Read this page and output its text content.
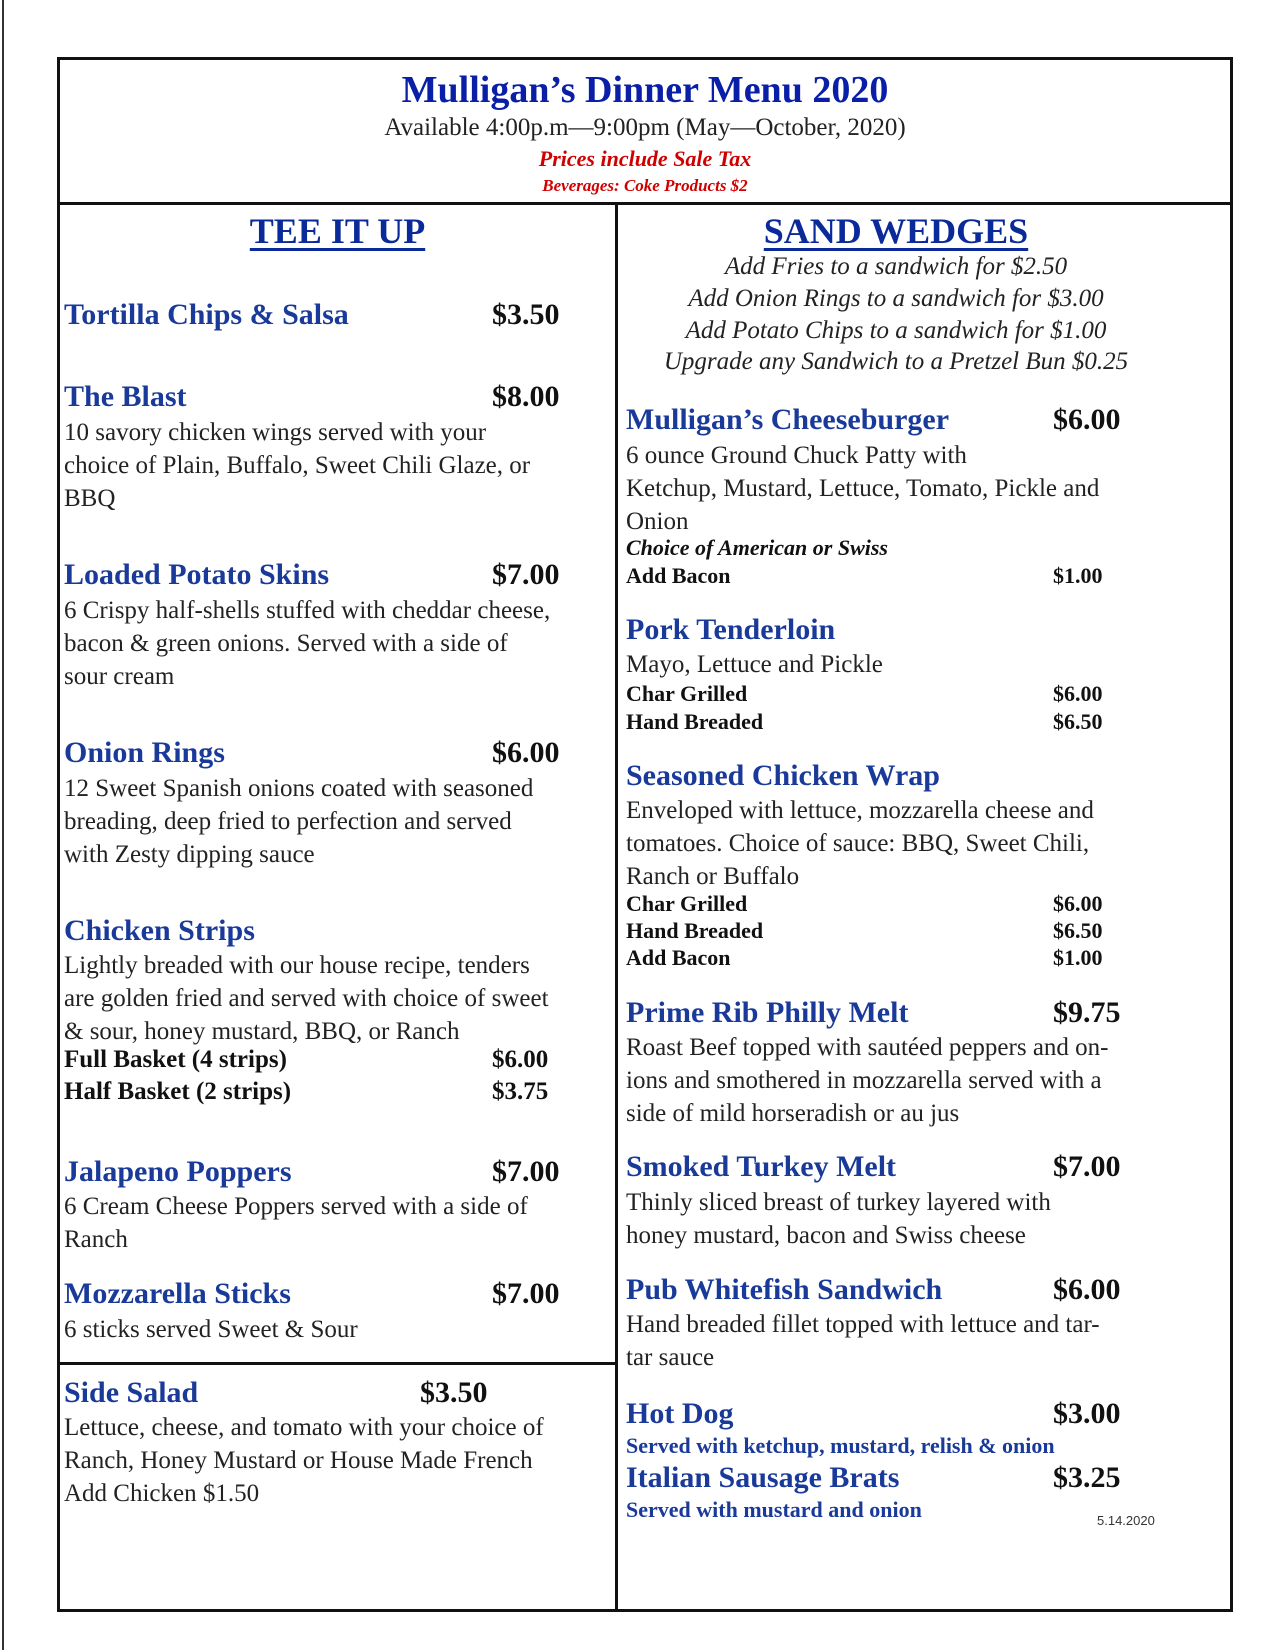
Mulligan’s Dinner Menu 2020
Available 4:00p.m—9:00pm (May—October, 2020)
Prices include Sale Tax
Beverages: Coke Products $2
TEE IT UP
Tortilla Chips & Salsa	$3.50
The Blast	$8.00
10 savory chicken wings served with your
choice of Plain, Buffalo, Sweet Chili Glaze, or
BBQ
Loaded Potato Skins	$7.00
6 Crispy half-shells stuffed with cheddar cheese,
bacon & green onions. Served with a side of
sour cream
Onion Rings	$6.00
12 Sweet Spanish onions coated with seasoned
breading, deep fried to perfection and served
with Zesty dipping sauce
Chicken Strips
Lightly breaded with our house recipe, tenders
are golden fried and served with choice of sweet
& sour, honey mustard, BBQ, or Ranch
Full Basket (4 strips)	$6.00
Half Basket (2 strips)	$3.75
Jalapeno Poppers	$7.00
6 Cream Cheese Poppers served with a side of
Ranch
Mozzarella Sticks	$7.00
6 sticks served Sweet & Sour
Side Salad	$3.50
Lettuce, cheese, and tomato with your choice of
Ranch, Honey Mustard or House Made French
Add Chicken $1.50
SAND WEDGES
Add Fries to a sandwich for $2.50
Add Onion Rings to a sandwich for $3.00
Add Potato Chips to a sandwich for $1.00
Upgrade any Sandwich to a Pretzel Bun $0.25
Mulligan’s Cheeseburger	$6.00
6 ounce Ground Chuck Patty with
Ketchup, Mustard, Lettuce, Tomato, Pickle and
Onion
Choice of American or Swiss
Add Bacon	$1.00
Pork Tenderloin
Mayo, Lettuce and Pickle
Char Grilled	$6.00
Hand Breaded	$6.50
Seasoned Chicken Wrap
Enveloped with lettuce, mozzarella cheese and
tomatoes. Choice of sauce: BBQ, Sweet Chili,
Ranch or Buffalo
Char Grilled	$6.00
Hand Breaded	$6.50
Add Bacon	$1.00
Prime Rib Philly Melt	$9.75
Roast Beef topped with sautéed peppers and on-
ions and smothered in mozzarella served with a
side of mild horseradish or au jus
Smoked Turkey Melt	$7.00
Thinly sliced breast of turkey layered with
honey mustard, bacon and Swiss cheese
Pub Whitefish Sandwich	$6.00
Hand breaded fillet topped with lettuce and tar-
tar sauce
Hot Dog	$3.00
Served with ketchup, mustard, relish & onion
Italian Sausage Brats	$3.25
Served with mustard and onion	5.14.2020
